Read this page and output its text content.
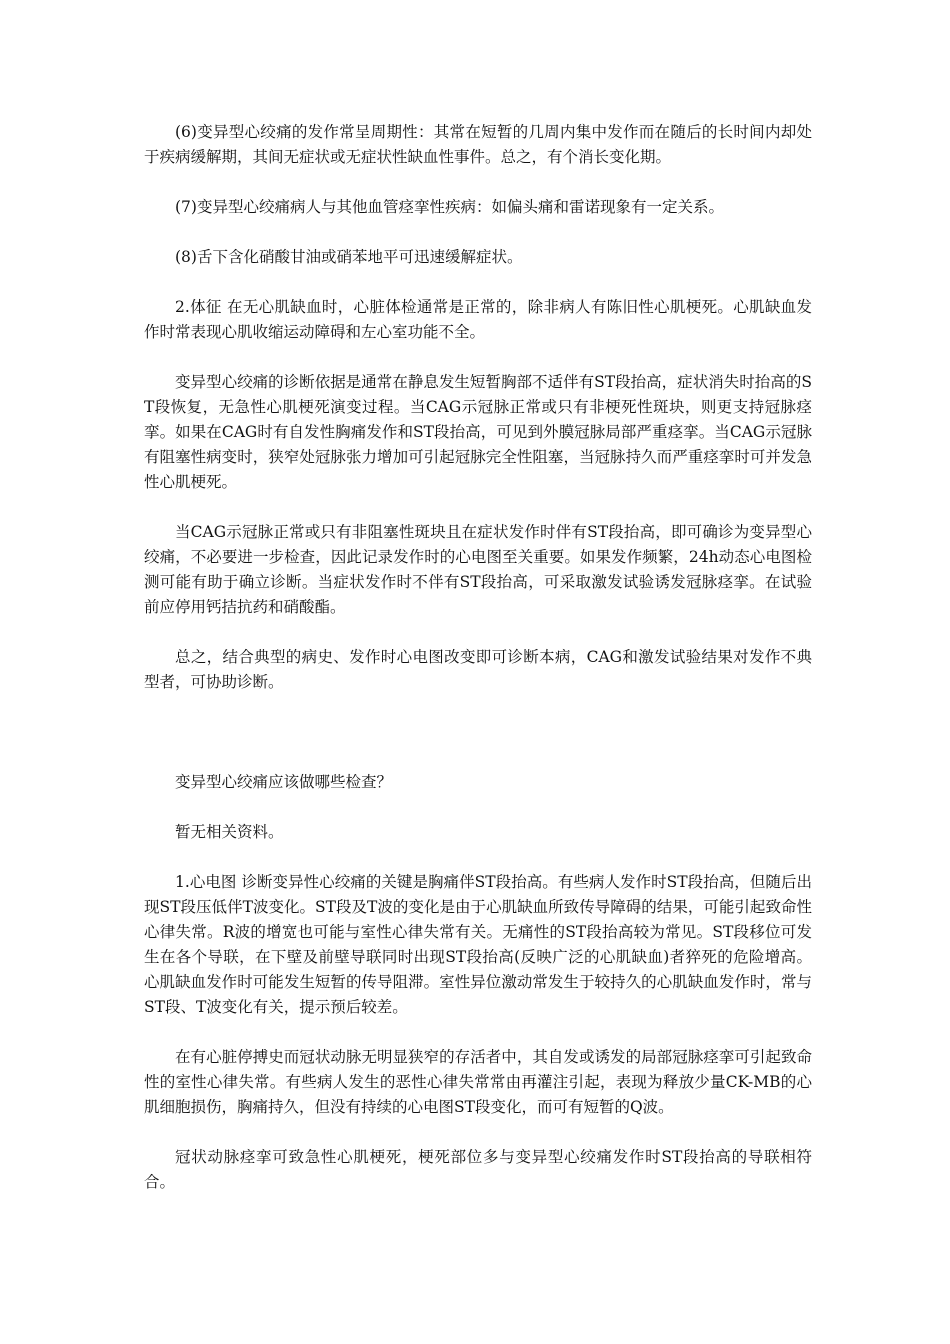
(6)变异型心绞痛的发作常呈周期性：其常在短暂的几周内集中发作而在随后的长时间内却处于疾病缓解期，其间无症状或无症状性缺血性事件。总之，有个消长变化期。

(7)变异型心绞痛病人与其他血管痉挛性疾病：如偏头痛和雷诺现象有一定关系。

(8)舌下含化硝酸甘油或硝苯地平可迅速缓解症状。

2.体征 在无心肌缺血时，心脏体检通常是正常的，除非病人有陈旧性心肌梗死。心肌缺血发作时常表现心肌收缩运动障碍和左心室功能不全。

变异型心绞痛的诊断依据是通常在静息发生短暂胸部不适伴有ST段抬高，症状消失时抬高的ST段恢复，无急性心肌梗死演变过程。当CAG示冠脉正常或只有非梗死性斑块，则更支持冠脉痉挛。如果在CAG时有自发性胸痛发作和ST段抬高，可见到外膜冠脉局部严重痉挛。当CAG示冠脉有阻塞性病变时，狭窄处冠脉张力增加可引起冠脉完全性阻塞，当冠脉持久而严重痉挛时可并发急性心肌梗死。

当CAG示冠脉正常或只有非阻塞性斑块且在症状发作时伴有ST段抬高，即可确诊为变异型心绞痛，不必要进一步检查，因此记录发作时的心电图至关重要。如果发作频繁，24h动态心电图检测可能有助于确立诊断。当症状发作时不伴有ST段抬高，可采取激发试验诱发冠脉痉挛。在试验前应停用钙拮抗药和硝酸酯。

总之，结合典型的病史、发作时心电图改变即可诊断本病，CAG和激发试验结果对发作不典型者，可协助诊断。

变异型心绞痛应该做哪些检查？

暂无相关资料。

1.心电图 诊断变异性心绞痛的关键是胸痛伴ST段抬高。有些病人发作时ST段抬高，但随后出现ST段压低伴T波变化。ST段及T波的变化是由于心肌缺血所致传导障碍的结果，可能引起致命性心律失常。R波的增宽也可能与室性心律失常有关。无痛性的ST段抬高较为常见。ST段移位可发生在各个导联，在下壁及前壁导联同时出现ST段抬高(反映广泛的心肌缺血)者猝死的危险增高。心肌缺血发作时可能发生短暂的传导阻滞。室性异位激动常发生于较持久的心肌缺血发作时，常与ST段、T波变化有关，提示预后较差。

在有心脏停搏史而冠状动脉无明显狭窄的存活者中，其自发或诱发的局部冠脉痉挛可引起致命性的室性心律失常。有些病人发生的恶性心律失常常由再灌注引起，表现为释放少量CK-MB的心肌细胞损伤，胸痛持久，但没有持续的心电图ST段变化，而可有短暂的Q波。

冠状动脉痉挛可致急性心肌梗死，梗死部位多与变异型心绞痛发作时ST段抬高的导联相符合。
